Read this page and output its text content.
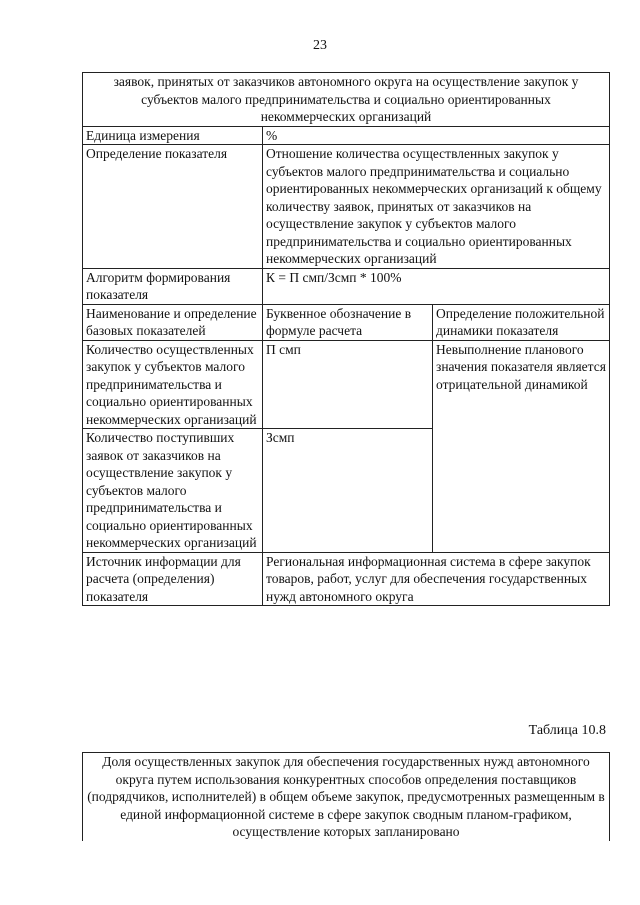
23
заявок, принятых от заказчиков автономного округа на осуществление закупок у
субъектов малого предпринимательства и социально ориентированных
некоммерческих организаций		

Единица измерения	%	
Определение показателя	Отношение количества осуществленных закупок у субъектов малого предпринимательства и социально ориентированных некоммерческих организаций к общему количеству заявок, принятых от заказчиков на осуществление закупок у субъектов малого предпринимательства и социально ориентированных некоммерческих организаций	
Алгоритм формирования показателя	К = П смп/Зсмп * 100%	
Наименование и определение базовых показателей	Буквенное обозначение в формуле расчета	Определение положительной динамики показателя
Количество осуществленных закупок у субъектов малого предпринимательства и социально ориентированных некоммерческих организаций	П смп	Невыполнение планового значения показателя является отрицательной динамикой
Количество поступивших заявок от заказчиков на осуществление закупок у субъектов малого предпринимательства и социально ориентированных некоммерческих организаций	Зсмп	
Источник информации для расчета (определения) показателя	Региональная информационная система в сфере закупок товаров, работ, услуг для обеспечения государственных нужд автономного округа	
Таблица 10.8
Доля осуществленных закупок для обеспечения государственных нужд автономного округа путем использования конкурентных способов определения поставщиков (подрядчиков, исполнителей) в общем объеме закупок, предусмотренных размещенным в единой информационной системе в сфере закупок сводным планом-графиком, осуществление которых запланировано
